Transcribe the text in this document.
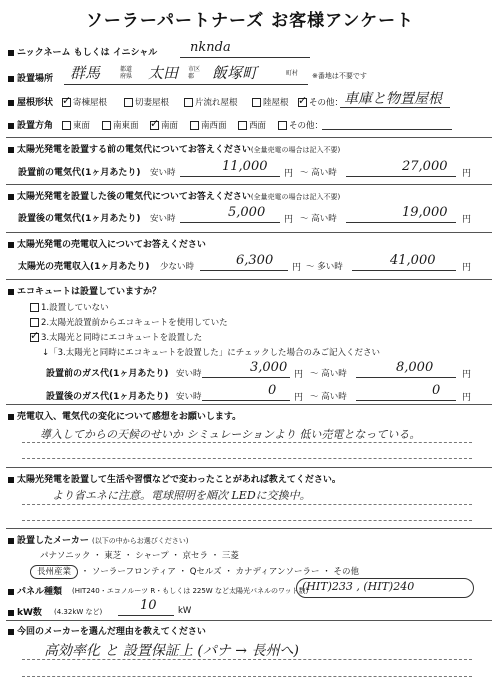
ソーラーパートナーズ お客様アンケート
ニックネーム もしくは イニシャル	nknda
設置場所 群馬	都道府県 太田 市区郡	飯塚町	町村 ※番地は不要です
屋根形状 ✓	寄棟屋根	切妻屋根	片流れ屋根	陸屋根 ✓	その他： 車庫と物置屋根
設置方角	東面	南東面 ✓	南面	南西面	西面	その他：
太陽光発電を設置する前の電気代についてお答えください(全量売電の場合は記入不要)
設置前の電気代(1ヶ月あたり) 安い時	11,000 円 ～ 高い時	27,000 円
太陽光発電を設置した後の電気代についてお答えください(全量売電の場合は記入不要)
設置後の電気代(1ヶ月あたり) 安い時	5,000 円 ～ 高い時	19,000 円
太陽光発電の売電収入についてお答えください
太陽光の売電収入(1ヶ月あたり) 少ない時	6,300 円 ～ 多い時	41,000	円
エコキュートは設置していますか？
1.設置していない
2.太陽光設置前からエコキュートを使用していた
✓3.太陽光と同時にエコキュートを設置した
↓「3.太陽光と同時にエコキュートを設置した」にチェックした場合のみご記入ください
設置前のガス代(1ヶ月あたり) 安い時	3,000 円 ～ 高い時	8,000	円
設置後のガス代(1ヶ月あたり) 安い時	0 円 ～ 高い時	0 円
売電収入、電気代の変化について感想をお願いします。
導入してからの天候のせいか シミュレーションより 低い売電となっている。
太陽光発電を設置して生活や習慣などで変わったことがあれば教えてください。
より省エネに注意。電球照明を順次 LEDに交換中。
設置したメーカー (以下の中からお選びください)
パナソニック ・ 東芝 ・ シャープ ・ 京セラ ・ 三菱
長州産業 ・ ソーラーフロンティア ・ Qセルズ ・ カナディアンソーラー ・ その他
パネル種類 (HIT240・エコノルーツ R・もしくは 225W など太陽光パネルのワット数)
(HIT)233 , (HIT)240
kW数 (4.32kW など)	10	kW
今回のメーカーを選んだ理由を教えてください
高効率化 と 設置保証上 (パナ → 長州へ)
